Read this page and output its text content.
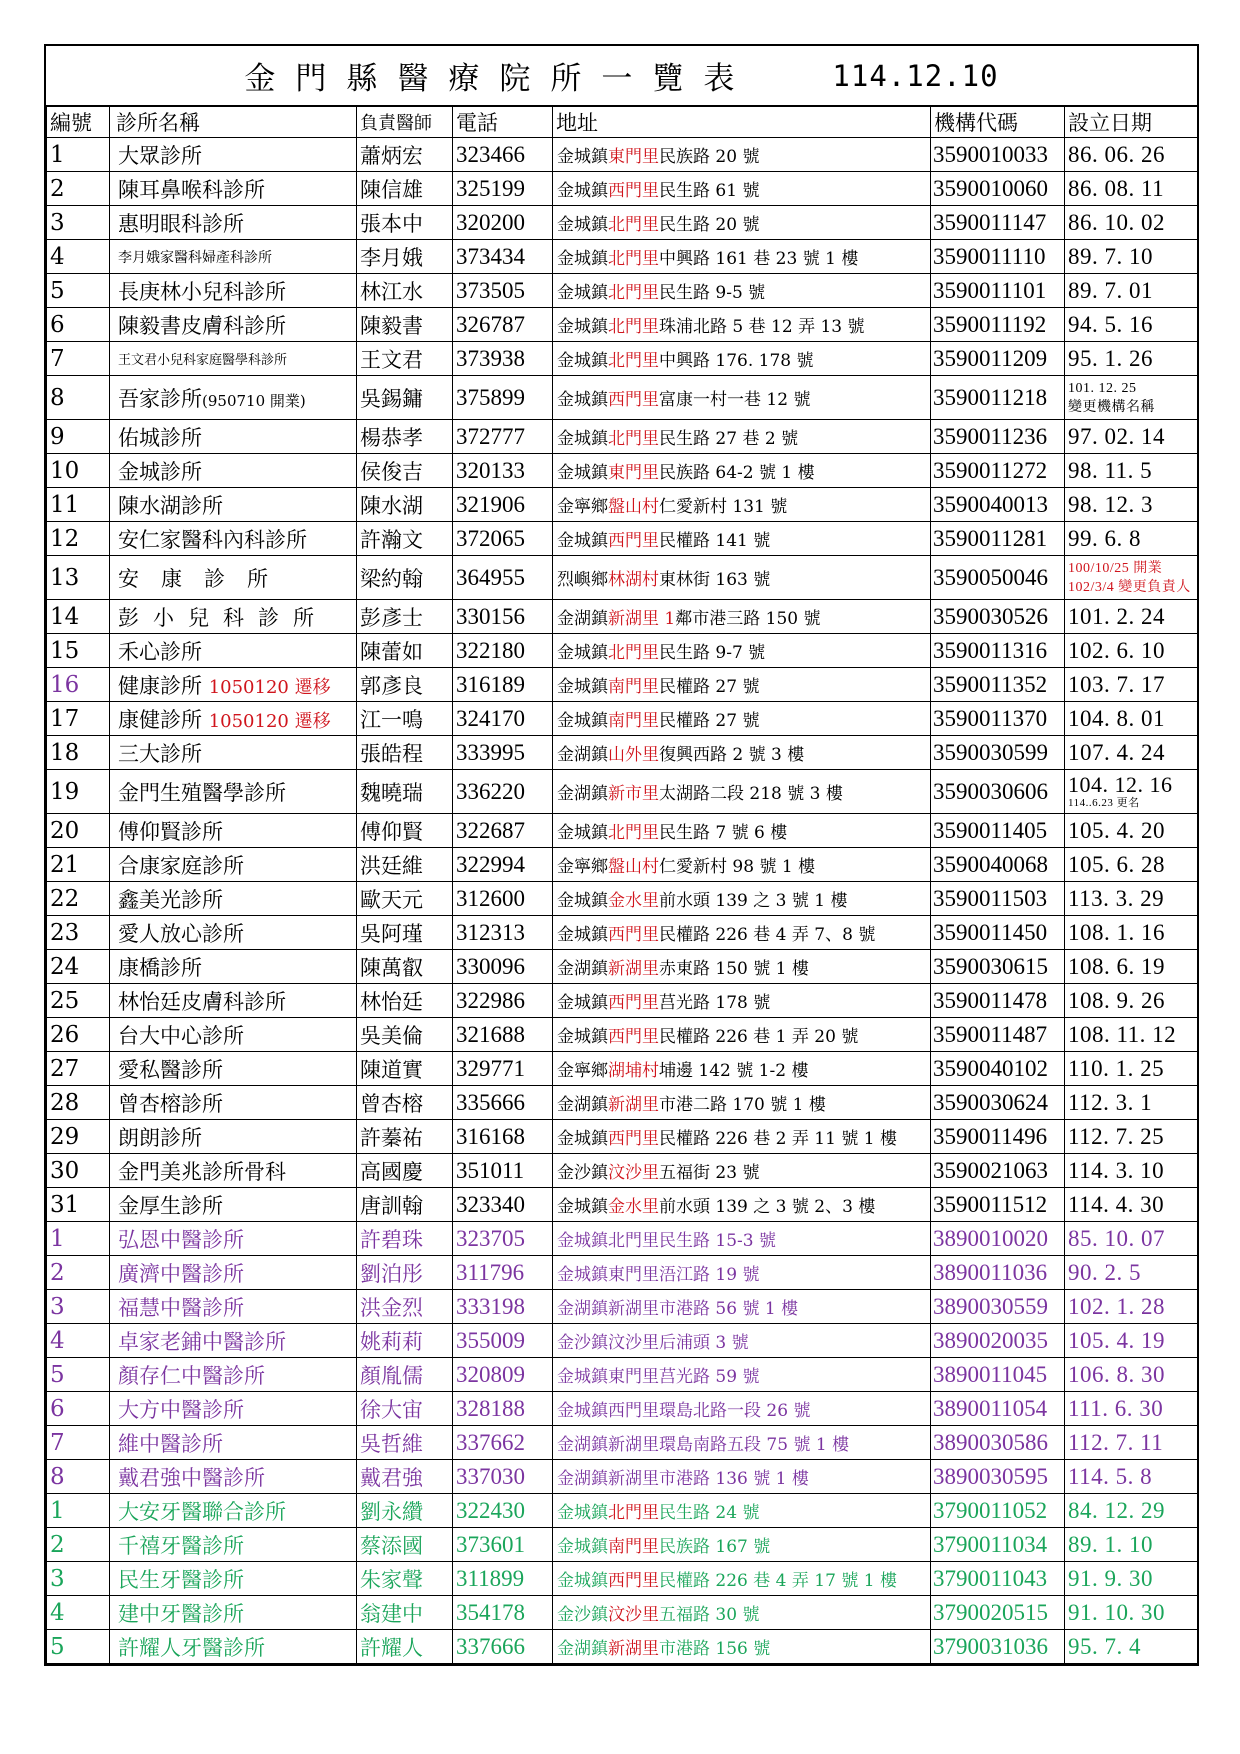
金門縣醫療院所一覽表	114.12.10
編號	診所名稱	負責醫師	電話	地址	機構代碼	設立日期
1	大眾診所	蕭炳宏	323466	金城鎮東門里民族路 20 號	3590010033	86. 06. 26
2	陳耳鼻喉科診所	陳信雄	325199	金城鎮西門里民生路 61 號	3590010060	86. 08. 11
3	惠明眼科診所	張本中	320200	金城鎮北門里民生路 20 號	3590011147	86. 10. 02
4	李月娥家醫科婦產科診所	李月娥	373434	金城鎮北門里中興路 161 巷 23 號 1 樓	3590011110	89. 7. 10
5	長庚林小兒科診所	林江水	373505	金城鎮北門里民生路 9-5 號	3590011101	89. 7. 01
6	陳毅書皮膚科診所	陳毅書	326787	金城鎮北門里珠浦北路 5 巷 12 弄 13 號	3590011192	94. 5. 16
7	王文君小兒科家庭醫學科診所	王文君	373938	金城鎮北門里中興路 176. 178 號	3590011209	95. 1. 26
8	吾家診所(950710 開業)	吳錫鏞	375899	金城鎮西門里富康一村一巷 12 號	3590011218	101. 12. 25
變更機構名稱

9	佑城診所	楊恭孝	372777	金城鎮北門里民生路 27 巷 2 號	3590011236	97. 02. 14
10	金城診所	侯俊吉	320133	金城鎮東門里民族路 64-2 號 1 樓	3590011272	98. 11. 5
11	陳水湖診所	陳水湖	321906	金寧鄉盤山村仁愛新村 131 號	3590040013	98. 12. 3
12	安仁家醫科內科診所	許瀚文	372065	金城鎮西門里民權路 141 號	3590011281	99. 6. 8
13	安康診所	梁約翰	364955	烈嶼鄉林湖村東林街 163 號	3590050046	100/10/25 開業
102/3/4 變更負責人

14	彭小兒科診所	彭彥士	330156	金湖鎮新湖里 1鄰市港三路 150 號	3590030526	101. 2. 24
15	禾心診所	陳蕾如	322180	金城鎮北門里民生路 9-7 號	3590011316	102. 6. 10
16	健康診所 1050120 遷移	郭彥良	316189	金城鎮南門里民權路 27 號	3590011352	103. 7. 17
17	康健診所 1050120 遷移	江一鳴	324170	金城鎮南門里民權路 27 號	3590011370	104. 8. 01
18	三大診所	張皓程	333995	金湖鎮山外里復興西路 2 號 3 樓	3590030599	107. 4. 24
19	金門生殖醫學診所	魏曉瑞	336220	金湖鎮新市里太湖路二段 218 號 3 樓	3590030606	104. 12. 16
114..6.23 更名

20	傅仰賢診所	傅仰賢	322687	金城鎮北門里民生路 7 號 6 樓	3590011405	105. 4. 20
21	合康家庭診所	洪廷維	322994	金寧鄉盤山村仁愛新村 98 號 1 樓	3590040068	105. 6. 28
22	鑫美光診所	歐天元	312600	金城鎮金水里前水頭 139 之 3 號 1 樓	3590011503	113. 3. 29
23	愛人放心診所	吳阿瑾	312313	金城鎮西門里民權路 226 巷 4 弄 7、8 號	3590011450	108. 1. 16
24	康橋診所	陳萬叡	330096	金湖鎮新湖里赤東路 150 號 1 樓	3590030615	108. 6. 19
25	林怡廷皮膚科診所	林怡廷	322986	金城鎮西門里莒光路 178 號	3590011478	108. 9. 26
26	台大中心診所	吳美倫	321688	金城鎮西門里民權路 226 巷 1 弄 20 號	3590011487	108. 11. 12
27	愛私醫診所	陳道實	329771	金寧鄉湖埔村埔邊 142 號 1-2 樓	3590040102	110. 1. 25
28	曾杏榕診所	曾杏榕	335666	金湖鎮新湖里市港二路 170 號 1 樓	3590030624	112. 3. 1
29	朗朗診所	許蓁祐	316168	金城鎮西門里民權路 226 巷 2 弄 11 號 1 樓	3590011496	112. 7. 25
30	金門美兆診所骨科	高國慶	351011	金沙鎮汶沙里五福街 23 號	3590021063	114. 3. 10
31	金厚生診所	唐訓翰	323340	金城鎮金水里前水頭 139 之 3 號 2、3 樓	3590011512	114. 4. 30
1	弘恩中醫診所	許碧珠	323705	金城鎮北門里民生路 15-3 號	3890010020	85. 10. 07
2	廣濟中醫診所	劉泊彤	311796	金城鎮東門里浯江路 19 號	3890011036	90. 2. 5
3	福慧中醫診所	洪金烈	333198	金湖鎮新湖里市港路 56 號 1 樓	3890030559	102. 1. 28
4	卓家老鋪中醫診所	姚莉莉	355009	金沙鎮汶沙里后浦頭 3 號	3890020035	105. 4. 19
5	顏存仁中醫診所	顏胤儒	320809	金城鎮東門里莒光路 59 號	3890011045	106. 8. 30
6	大方中醫診所	徐大宙	328188	金城鎮西門里環島北路一段 26 號	3890011054	111. 6. 30
7	維中醫診所	吳哲維	337662	金湖鎮新湖里環島南路五段 75 號 1 樓	3890030586	112. 7. 11
8	戴君強中醫診所	戴君強	337030	金湖鎮新湖里市港路 136 號 1 樓	3890030595	114. 5. 8
1	大安牙醫聯合診所	劉永纘	322430	金城鎮北門里民生路 24 號	3790011052	84. 12. 29
2	千禧牙醫診所	蔡添國	373601	金城鎮南門里民族路 167 號	3790011034	89. 1. 10
3	民生牙醫診所	朱家聲	311899	金城鎮西門里民權路 226 巷 4 弄 17 號 1 樓	3790011043	91. 9. 30
4	建中牙醫診所	翁建中	354178	金沙鎮汶沙里五福路 30 號	3790020515	91. 10. 30
5	許耀人牙醫診所	許耀人	337666	金湖鎮新湖里市港路 156 號	3790031036	95. 7. 4
